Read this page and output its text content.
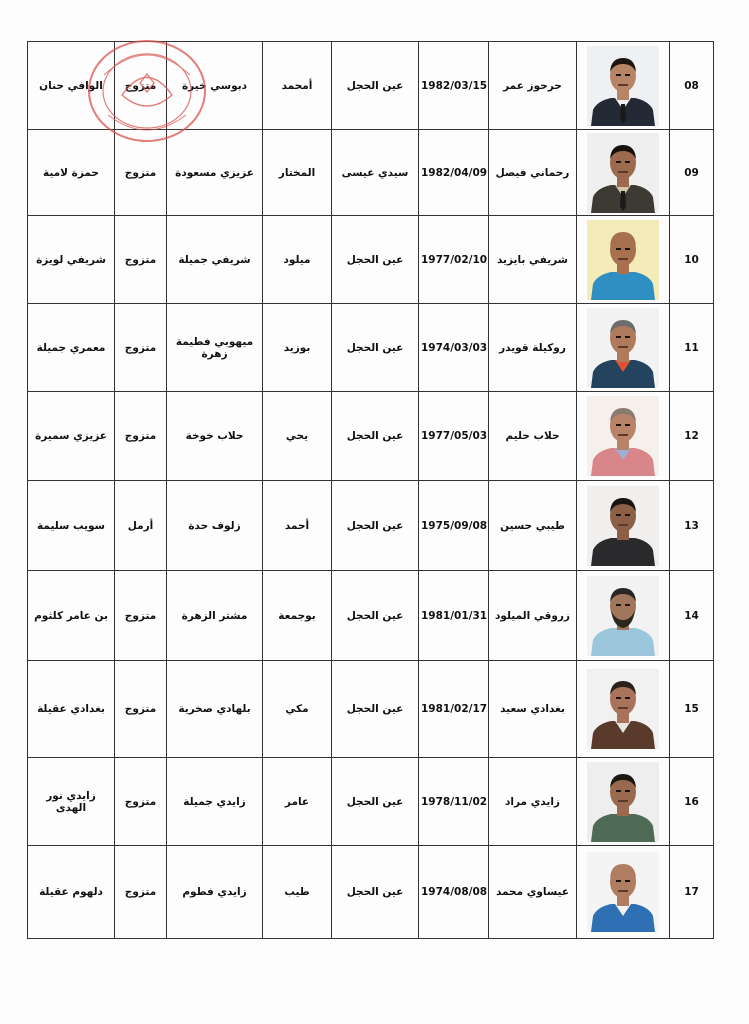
الوافي حنان	متزوج	دبوسي خيرة	أمحمد	عين الحجل	1982/03/15	حرحوز عمر		08
حمزة لامية	متزوج	عزيزي مسعودة	المختار	سيدي عيسى	1982/04/09	رحماني فيصل		09
شريفي لويزة	متزوج	شريفي جميلة	ميلود	عين الحجل	1977/02/10	شريفي بايزيد		10
معمري جميلة	متزوج	ميهوبي فطيمة زهرة	بوزيد	عين الحجل	1974/03/03	روكيلة قويدر		11
عزيزي سميرة	متزوج	حلاب خوخة	يحي	عين الحجل	1977/05/03	حلاب حليم		12
سويب سليمة	أرمل	زلوف حدة	أحمد	عين الحجل	1975/09/08	طيبي حسين		13
بن عامر كلثوم	متزوج	مشتر الزهرة	بوجمعة	عين الحجل	1981/01/31	زروقي الميلود		14
بغدادي عقيلة	متزوج	بلهادي صخرية	مكي	عين الحجل	1981/02/17	بغدادي سعيد		15
زايدي نور الهدى	متزوج	زايدي جميلة	عامر	عين الحجل	1978/11/02	زايدي مراد		16
دلهوم عقيلة	متزوج	زايدي فطوم	طيب	عين الحجل	1974/08/08	عيساوي محمد		17
